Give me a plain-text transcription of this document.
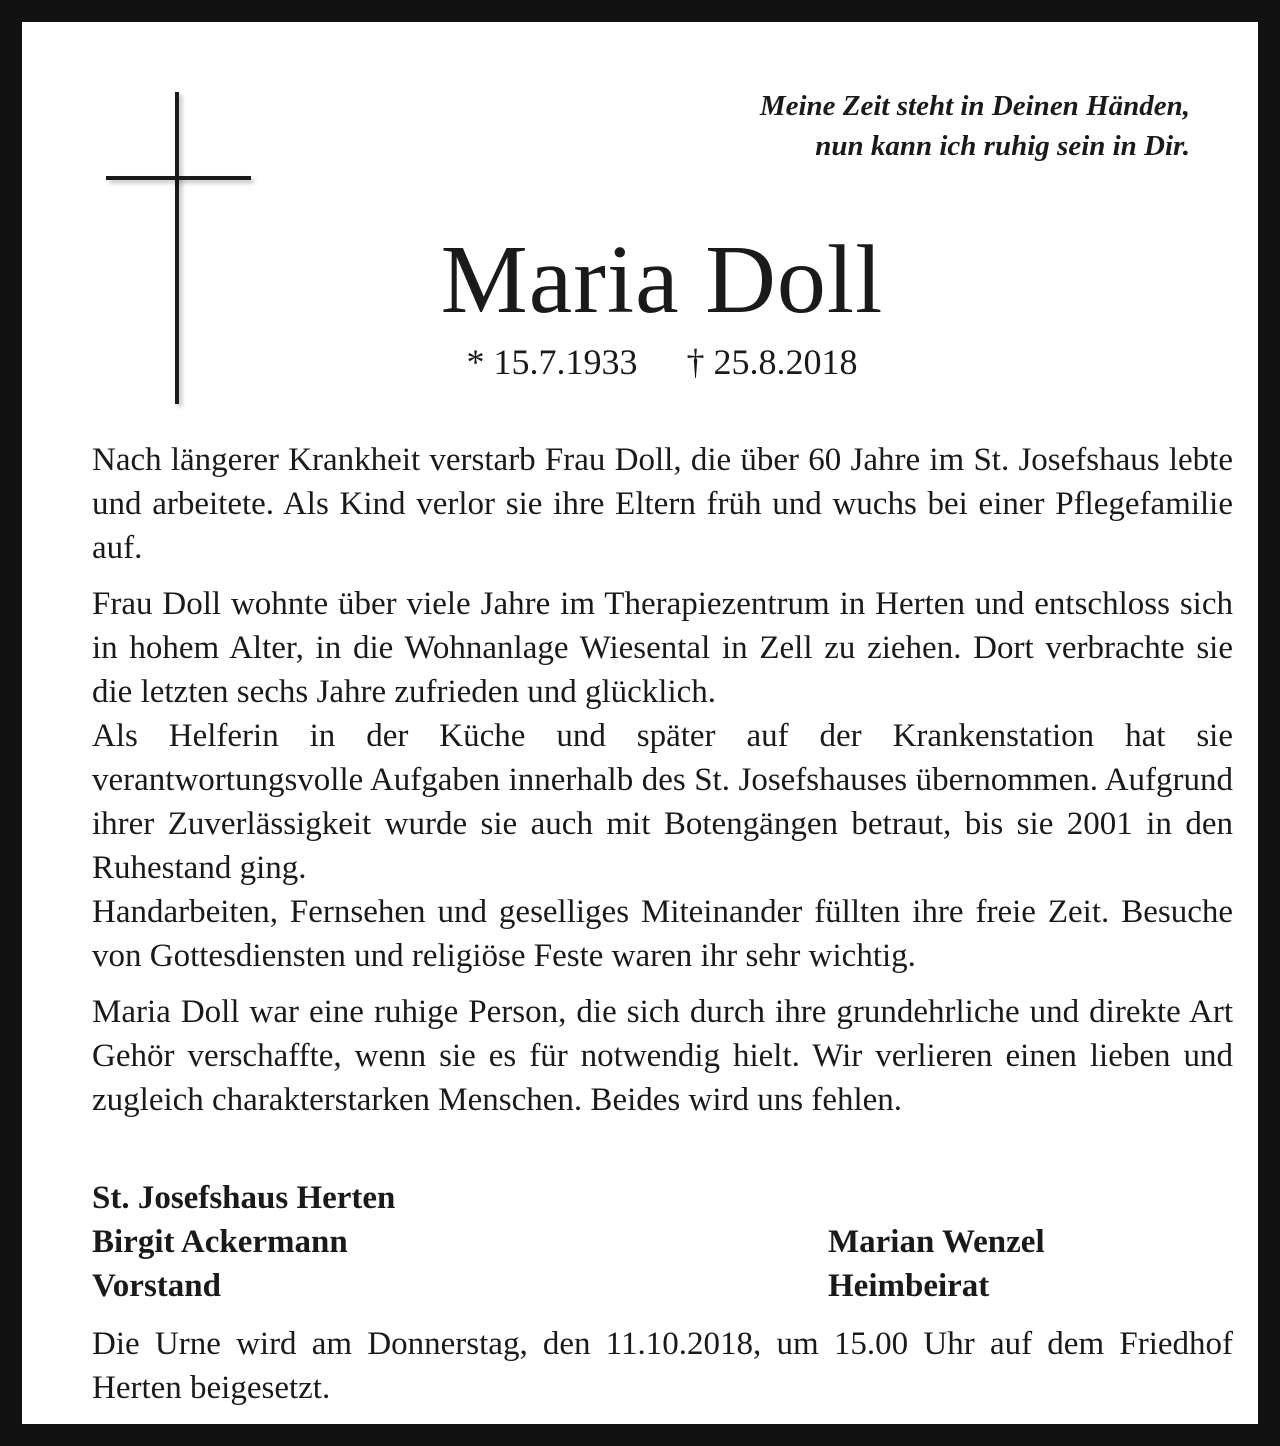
Meine Zeit steht in Deinen Händen,
nun kann ich ruhig sein in Dir.
Maria Doll
* 15.7.1933 † 25.8.2018

Nach längerer Krankheit verstarb Frau Doll, die über 60 Jahre im St. Josefshaus lebte und arbeitete. Als Kind verlor sie ihre Eltern früh und wuchs bei einer Pflegefamilie auf.

Frau Doll wohnte über viele Jahre im Therapiezentrum in Herten und entschloss sich in hohem Alter, in die Wohnanlage Wiesental in Zell zu ziehen. Dort verbrachte sie die letzten sechs Jahre zufrieden und glücklich.

Als Helferin in der Küche und später auf der Krankenstation hat sie verantwortungsvolle Aufgaben innerhalb des St. Josefshauses übernommen. Aufgrund ihrer Zuverlässigkeit wurde sie auch mit Botengängen betraut, bis sie 2001 in den Ruhestand ging.

Handarbeiten, Fernsehen und geselliges Miteinander füllten ihre freie Zeit. Besuche von Gottesdiensten und religiöse Feste waren ihr sehr wichtig.

Maria Doll war eine ruhige Person, die sich durch ihre grundehrliche und direkte Art Gehör verschaffte, wenn sie es für notwendig hielt. Wir verlieren einen lieben und zugleich charakterstarken Menschen. Beides wird uns fehlen.

St. Josefshaus Herten
Birgit Ackermann
Vorstand
Marian Wenzel
Heimbeirat
Die Urne wird am Donnerstag, den 11.10.2018, um 15.00 Uhr auf dem Friedhof Herten beigesetzt.
